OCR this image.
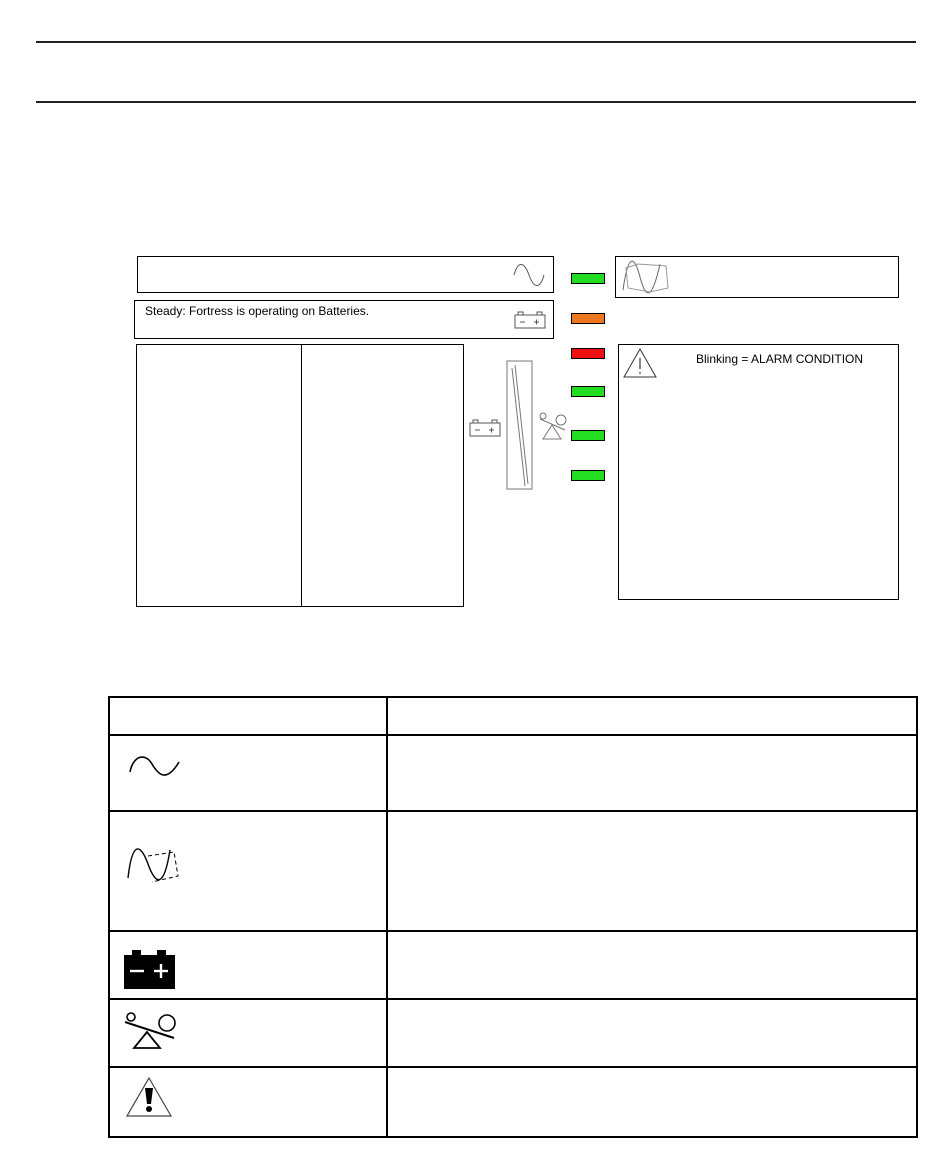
Steady: Fortress is operating on Batteries.
Blinking = ALARM CONDITION
